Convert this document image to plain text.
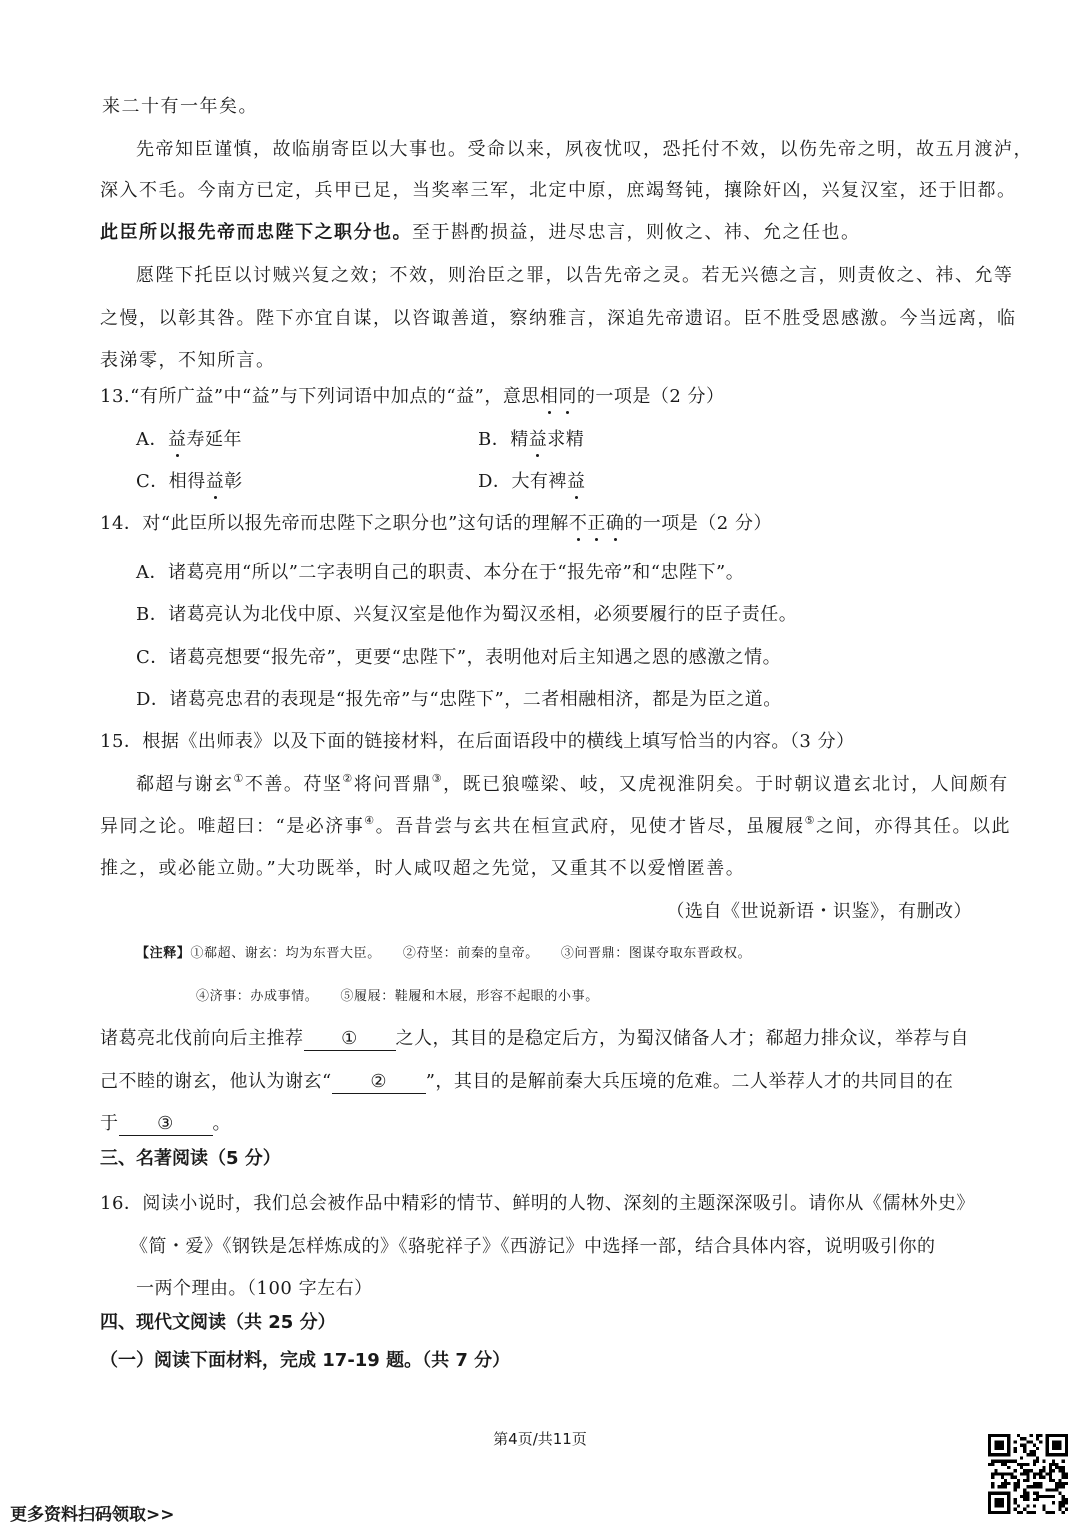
来二十有一年矣。
先帝知臣谨慎，故临崩寄臣以大事也。受命以来，夙夜忧叹，恐托付不效，以伤先帝之明，故五月渡泸，
深入不毛。今南方已定，兵甲已足，当奖率三军，北定中原，庶竭驽钝，攘除奸凶，兴复汉室，还于旧都。
此臣所以报先帝而忠陛下之职分也。至于斟酌损益，进尽忠言，则攸之、祎、允之任也。
愿陛下托臣以讨贼兴复之效；不效，则治臣之罪，以告先帝之灵。若无兴德之言，则责攸之、祎、允等
之慢，以彰其咎。陛下亦宜自谋，以咨诹善道，察纳雅言，深追先帝遗诏。臣不胜受恩感激。今当远离，临
表涕零，不知所言。
13.“有所广益”中“益”与下列词语中加点的“益”，意思相同的一项是（2 分）
A．益寿延年	B．精益求精
C．相得益彰	D．大有裨益
14．对“此臣所以报先帝而忠陛下之职分也”这句话的理解不正确的一项是（2 分）
A．诸葛亮用“所以”二字表明自己的职责、本分在于“报先帝”和“忠陛下”。
B．诸葛亮认为北伐中原、兴复汉室是他作为蜀汉丞相，必须要履行的臣子责任。
C．诸葛亮想要“报先帝”，更要“忠陛下”，表明他对后主知遇之恩的感激之情。
D．诸葛亮忠君的表现是“报先帝”与“忠陛下”，二者相融相济，都是为臣之道。
15．根据《出师表》以及下面的链接材料，在后面语段中的横线上填写恰当的内容。（3 分）
郗超与谢玄①不善。苻坚②将问晋鼎③，既已狼噬梁、岐，又虎视淮阴矣。于时朝议遣玄北讨，人间颇有
异同之论。唯超曰：“是必济事④。吾昔尝与玄共在桓宣武府，见使才皆尽，虽履屐⑤之间，亦得其任。以此
推之，或必能立勋。”大功既举，时人咸叹超之先觉，又重其不以爱憎匿善。
（选自《世说新语・识鉴》，有删改）
【注释】①郗超、谢玄：均为东晋大臣。 ②苻坚：前秦的皇帝。 ③问晋鼎：图谋夺取东晋政权。
④济事：办成事情。 ⑤履屐：鞋履和木屐，形容不起眼的小事。
诸葛亮北伐前向后主推荐 ① 之人，其目的是稳定后方，为蜀汉储备人才；郗超力排众议，举荐与自
己不睦的谢玄，他认为谢玄“ ② ”，其目的是解前秦大兵压境的危难。二人举荐人才的共同目的在
于 ③ 。
三、名著阅读（5 分）
16．阅读小说时，我们总会被作品中精彩的情节、鲜明的人物、深刻的主题深深吸引。请你从《儒林外史》
《简・爱》《钢铁是怎样炼成的》《骆驼祥子》《西游记》中选择一部，结合具体内容，说明吸引你的
一两个理由。（100 字左右）
四、现代文阅读（共 25 分）
（一）阅读下面材料，完成 17-19 题。（共 7 分）
第4页/共11页
更多资料扫码领取>>
